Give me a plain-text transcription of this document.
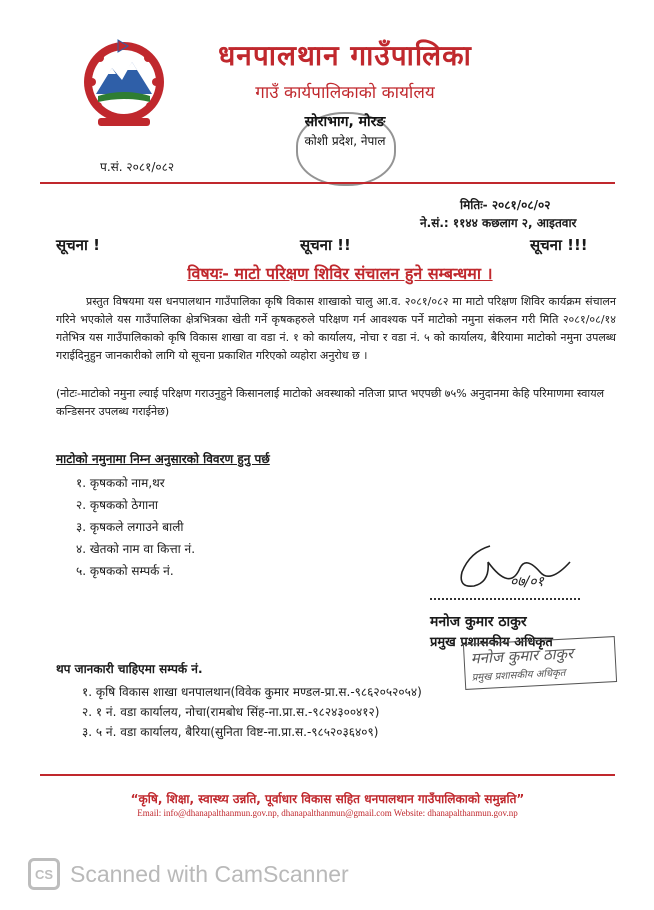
धनपालथान गाउँपालिका
गाउँ कार्यपालिकाको कार्यालय
सोराभाग, मोरङ
कोशी प्रदेश, नेपाल
प.सं. २०८१/०८२
मितिः- २०८१/०८/०२
ने.सं.: ११४४ कछलाग २, आइतवार
सूचना !	सूचना !!	सूचना !!!
विषयः- माटो परिक्षण शिविर संचालन हुने सम्बन्धमा ।
प्रस्तुत विषयमा यस धनपालथान गाउँपालिका कृषि विकास शाखाको चालु आ.व. २०८१/०८२ मा माटो परिक्षण शिविर कार्यक्रम संचालन गरिने भएकोले यस गाउँपालिका क्षेत्रभित्रका खेती गर्ने कृषकहरुले परिक्षण गर्न आवश्यक पर्ने माटोको नमुना संकलन गरी मिति २०८१/०८/१४ गतेभित्र यस गाउँपालिकाको कृषि विकास शाखा वा वडा नं. १ को कार्यालय, नोचा र वडा नं. ५ को कार्यालय, बैरियामा माटोको नमुना उपलब्ध गराईदिनुहुन जानकारीको लागि यो सूचना प्रकाशित गरिएको व्यहोरा अनुरोध छ ।
(नोटः-माटोको नमुना ल्याई परिक्षण गराउनुहुने किसानलाई माटोको अवस्थाको नतिजा प्राप्त भएपछी ७५% अनुदानमा केहि परिमाणमा स्वायल कन्डिसनर उपलब्ध गराईनेछ)
माटोको नमुनामा निम्न अनुसारको विवरण हुनु पर्छ
१. कृषकको नाम,थर
२. कृषकको ठेगाना
३. कृषकले लगाउने बाली
४. खेतको नाम वा कित्ता नं.
५. कृषकको सम्पर्क नं.
०७/०१
मनोज कुमार ठाकुर
प्रमुख प्रशासकीय अधिकृत
मनोज कुमार ठाकुर
प्रमुख प्रशासकीय अधिकृत
थप जानकारी चाहिएमा सम्पर्क नं.
१. कृषि विकास शाखा धनपालथान(विवेक कुमार मण्डल-प्रा.स.-९८६२०५२०५४)
२. १ नं. वडा कार्यालय, नोचा(रामबोध सिंह-ना.प्रा.स.-९८२४३००४१२)
३. ५ नं. वडा कार्यालय, बैरिया(सुनिता विष्ट-ना.प्रा.स.-९८५२०३६४०९)
“कृषि, शिक्षा, स्वास्थ्य उन्नति, पूर्वाधार विकास सहित धनपालथान गाउँपालिकाको समुन्नति”
Email: info@dhanapalthanmun.gov.np, dhanapalthanmun@gmail.com Website: dhanapalthanmun.gov.np
CS Scanned with CamScanner
